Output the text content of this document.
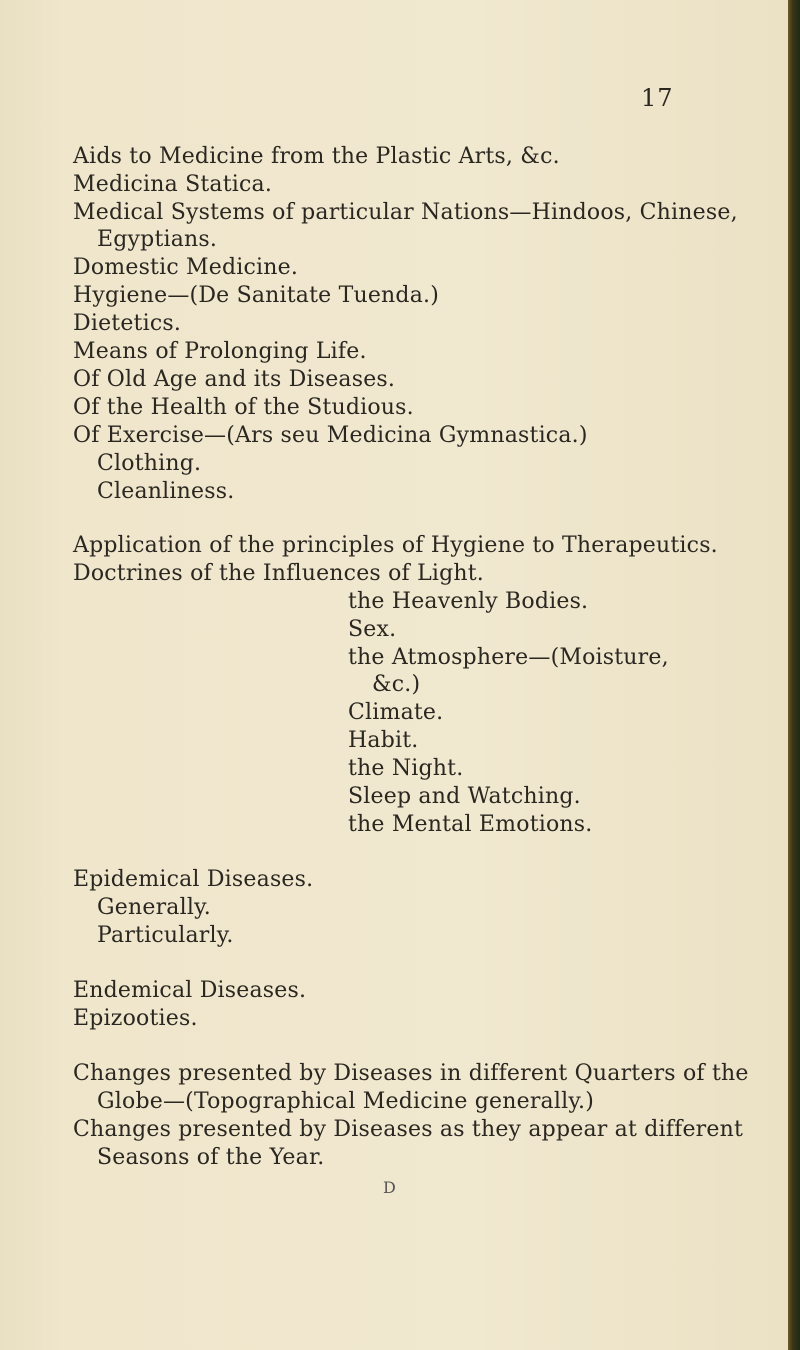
17
Aids to Medicine from the Plastic Arts, &c.
Medicina Statica.
Medical Systems of particular Nations—Hindoos, Chinese,
Egyptians.
Domestic Medicine.
Hygiene—(De Sanitate Tuenda.)
Dietetics.
Means of Prolonging Life.
Of Old Age and its Diseases.
Of the Health of the Studious.
Of Exercise—(Ars seu Medicina Gymnastica.)
Clothing.
Cleanliness.
Application of the principles of Hygiene to Therapeutics.
Doctrines of the Influences of Light.
the Heavenly Bodies.
Sex.
the Atmosphere—(Moisture,
&c.)
Climate.
Habit.
the Night.
Sleep and Watching.
the Mental Emotions.
Epidemical Diseases.
Generally.
Particularly.
Endemical Diseases.
Epizooties.
Changes presented by Diseases in different Quarters of the
Globe—(Topographical Medicine generally.)
Changes presented by Diseases as they appear at different
Seasons of the Year.
D
